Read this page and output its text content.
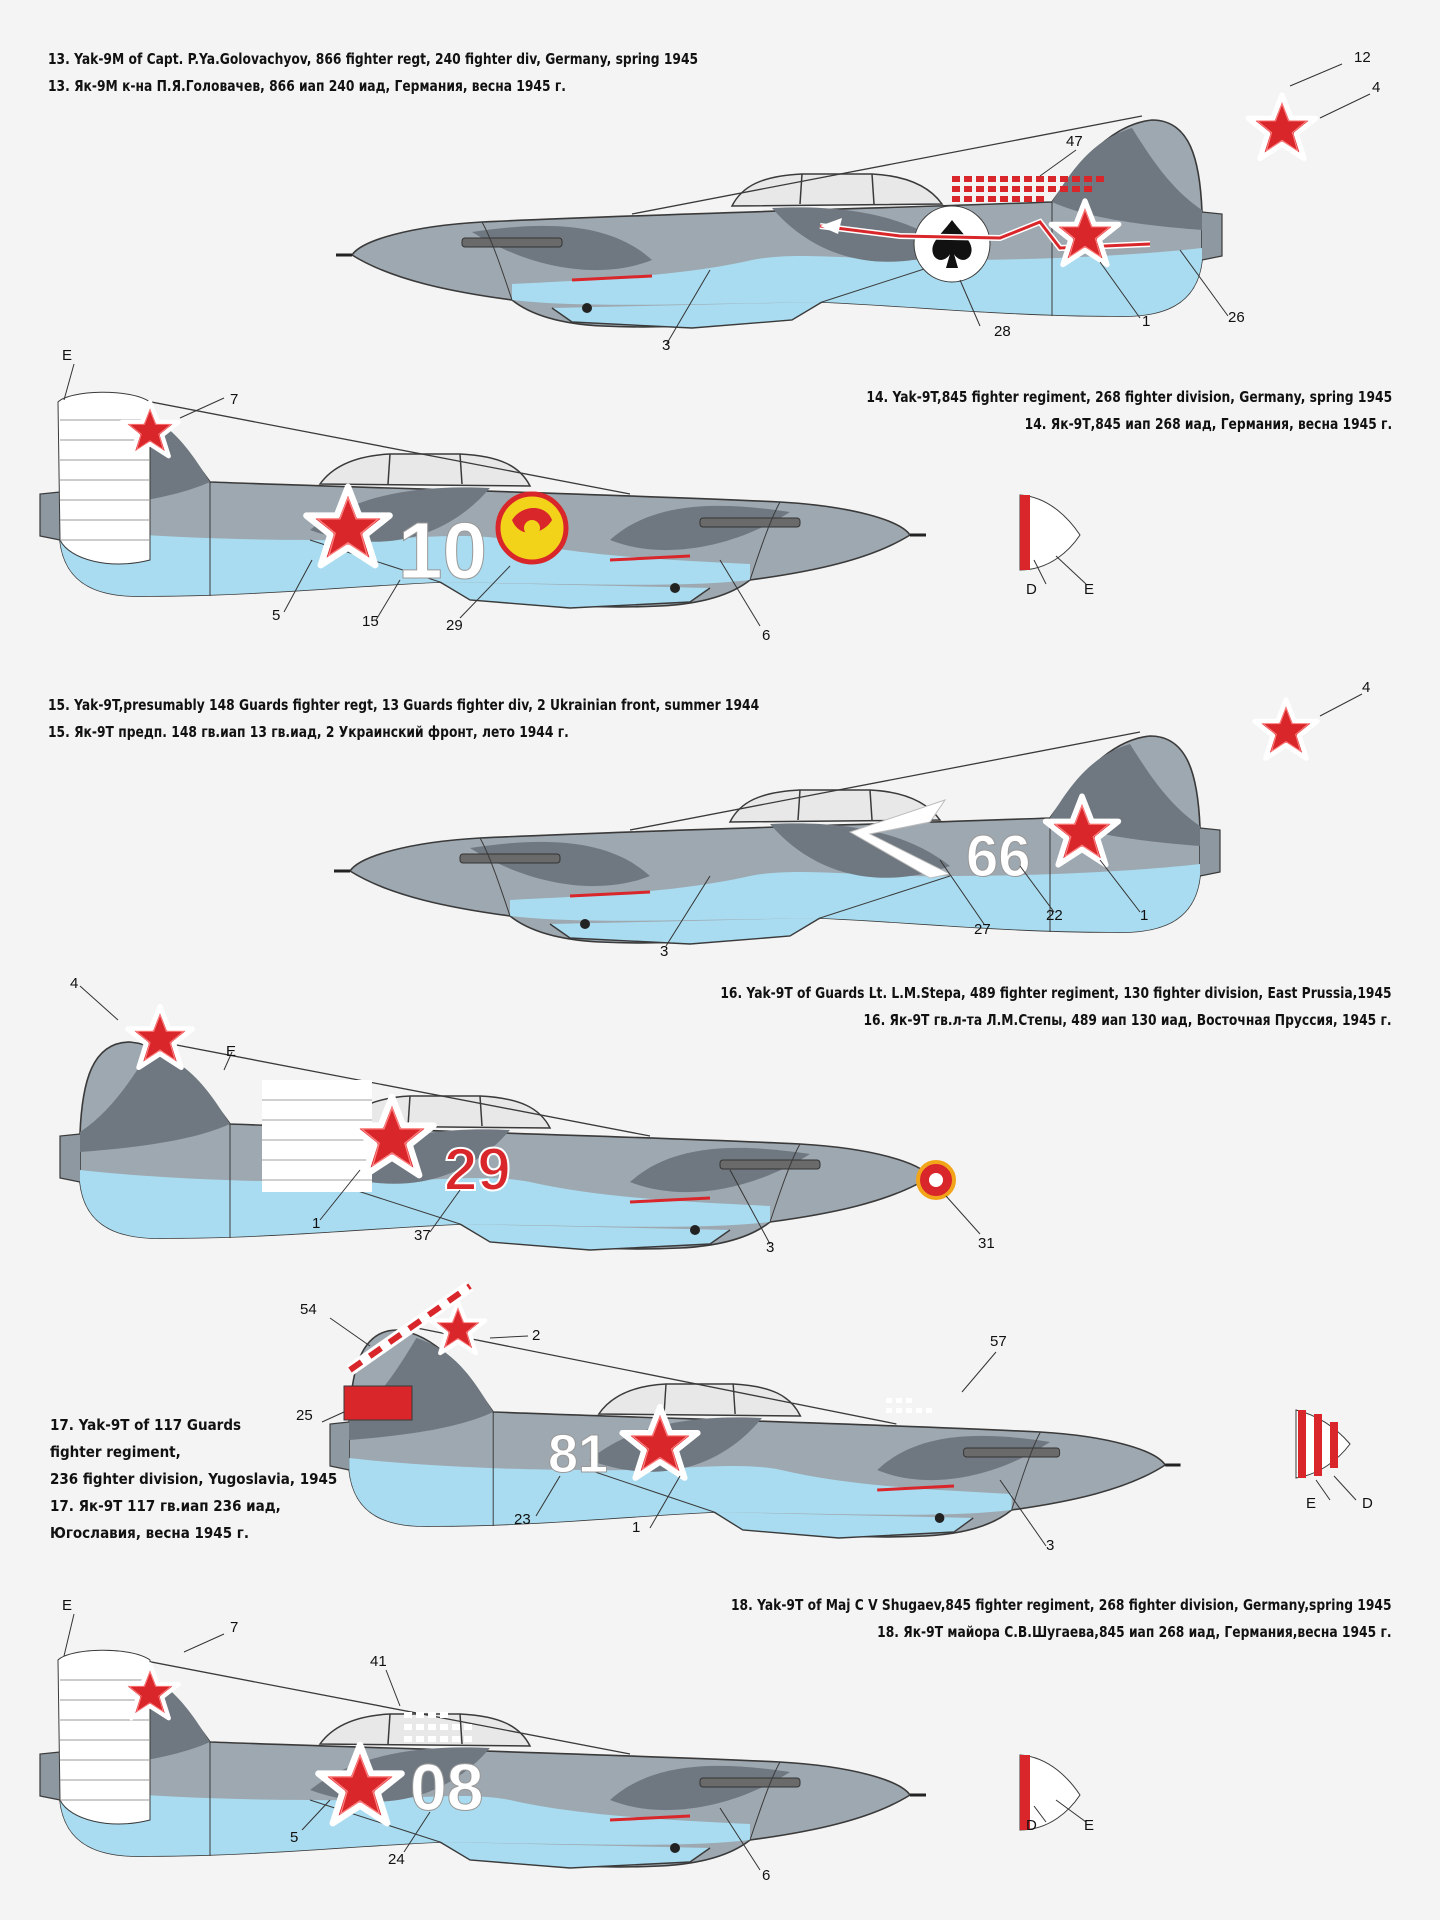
13. Yak-9M of Capt. P.Ya.Golovachyov, 866 fighter regt, 240 fighter div, Germany, spring 1945
13. Як-9М к-на П.Я.Головачев, 866 иап 240 иад, Германия, весна 1945 г.
12
4
47
28
1	26
3
14. Yak-9T,845 fighter regiment, 268 fighter division, Germany, spring 1945
14. Як-9Т,845 иап 268 иад, Германия, весна 1945 г.
10
E
7
5	15	29
6
D	E
15. Yak-9T,presumably 148 Guards fighter regt, 13 Guards fighter div, 2 Ukrainian front, summer 1944
15. Як-9Т предп. 148 гв.иап 13 гв.иад, 2 Украинский фронт, лето 1944 г.
66
4
27
22	1
3
16. Yak-9T of Guards Lt. L.M.Stepa, 489 fighter regiment, 130 fighter division, East Prussia,1945
16. Як-9Т гв.л-та Л.М.Степы, 489 иап 130 иад, Восточная Пруссия, 1945 г.
29
4
E
1
37
3	31
17. Yak-9T of 117 Guards
fighter regiment,
236 fighter division, Yugoslavia, 1945
17. Як-9Т 117 гв.иап 236 иад,
Югославия, весна 1945 г.
81
54
2
25
57
23	1
3
E	D
18. Yak-9T of Maj C V Shugaev,845 fighter regiment, 268 fighter division, Germany,spring 1945
18. Як-9Т майора С.В.Шугаева,845 иап 268 иад, Германия,весна 1945 г.
08
E
7
41
5
24
6
D	E
